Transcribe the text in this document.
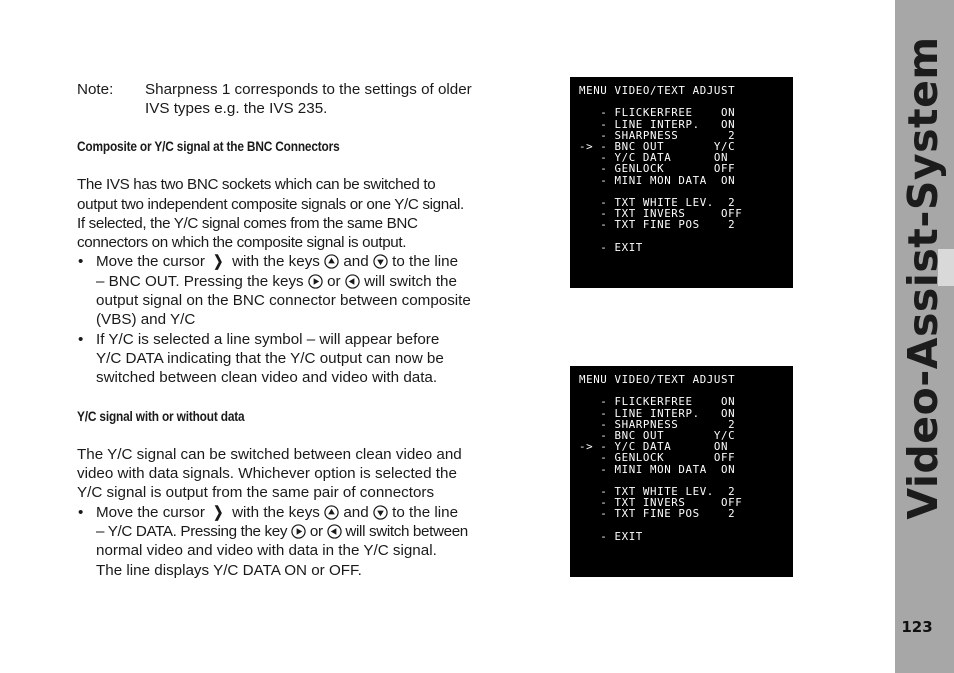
Note: Sharpness 1 corresponds to the settings of older
IVS types e.g. the IVS 235.
Composite or Y/C signal at the BNC Connectors
The IVS has two BNC sockets which can be switched to
output two independent composite signals or one Y/C signal.
If selected, the Y/C signal comes from the same BNC
connectors on which the composite signal is output.
• Move the cursor ❯ with the keys and to the line
– BNC OUT. Pressing the keys or will switch the
output signal on the BNC connector between composite
(VBS) and Y/C
• If Y/C is selected a line symbol – will appear before
Y/C DATA indicating that the Y/C output can now be
switched between clean video and video with data.
Y/C signal with or without data
The Y/C signal can be switched between clean video and
video with data signals. Whichever option is selected the
Y/C signal is output from the same pair of connectors
• Move the cursor ❯ with the keys and to the line
– Y/C DATA. Pressing the key or will switch between
normal video and video with data in the Y/C signal.
The line displays Y/C DATA ON or OFF.
MENU VIDEO/TEXT ADJUST
- FLICKERFREE    ON
- LINE INTERP.   ON
- SHARPNESS       2
-> - BNC OUT       Y/C
- Y/C DATA      ON
- GENLOCK       OFF
- MINI MON DATA  ON
- TXT WHITE LEV.  2
- TXT INVERS     OFF
- TXT FINE POS    2
- EXIT
MENU VIDEO/TEXT ADJUST
- FLICKERFREE    ON
- LINE INTERP.   ON
- SHARPNESS       2
- BNC OUT       Y/C
-> - Y/C DATA      ON
- GENLOCK       OFF
- MINI MON DATA  ON
- TXT WHITE LEV.  2
- TXT INVERS     OFF
- TXT FINE POS    2
- EXIT
Video-Assist-System
123
